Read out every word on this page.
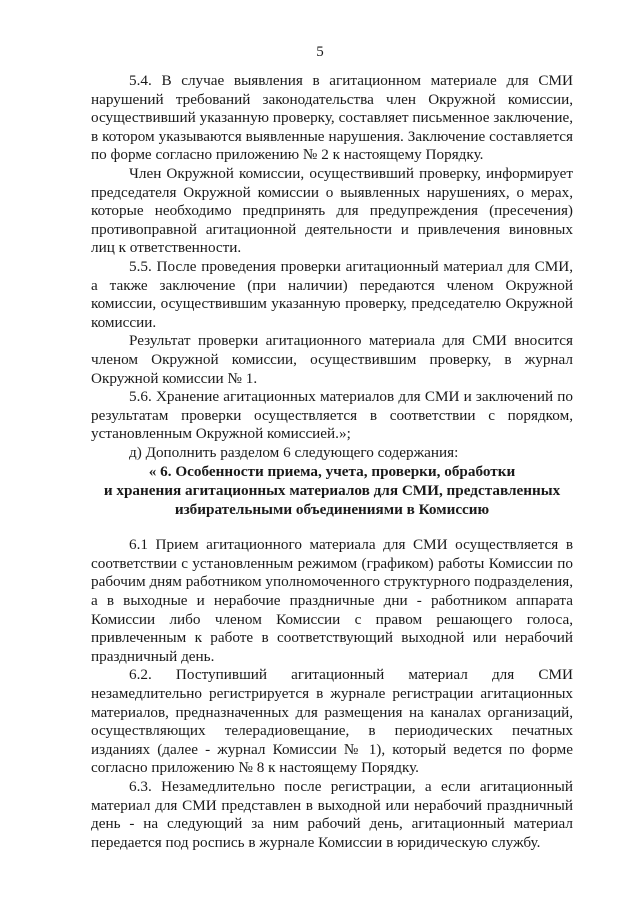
5

5.4. В случае выявления в агитационном материале для СМИ нарушений требований законодательства член Окружной комиссии, осуществивший указанную проверку, составляет письменное заключение, в котором указываются выявленные нарушения. Заключение составляется по форме согласно приложению № 2 к настоящему Порядку.

Член Окружной комиссии, осуществивший проверку, информирует председателя Окружной комиссии о выявленных нарушениях, о мерах, которые необходимо предпринять для предупреждения (пресечения) противоправной агитационной деятельности и привлечения виновных лиц к ответственности.

5.5. После проведения проверки агитационный материал для СМИ, а также заключение (при наличии) передаются членом Окружной комиссии, осуществившим указанную проверку, председателю Окружной комиссии.

Результат проверки агитационного материала для СМИ вносится членом Окружной комиссии, осуществившим проверку, в журнал Окружной комиссии № 1.

5.6. Хранение агитационных материалов для СМИ и заключений по результатам проверки осуществляется в соответствии с порядком, установленным Окружной комиссией.»;

д) Дополнить разделом 6 следующего содержания:

« 6. Особенности приема, учета, проверки, обработки
и хранения агитационных материалов для СМИ, представленных
избирательными объединениями в Комиссию

6.1 Прием агитационного материала для СМИ осуществляется в соответствии с установленным режимом (графиком) работы Комиссии по рабочим дням работником уполномоченного структурного подразделения, а в выходные и нерабочие праздничные дни - работником аппарата Комиссии либо членом Комиссии с правом решающего голоса, привлеченным к работе в соответствующий выходной или нерабочий праздничный день.

6.2. Поступивший агитационный материал для СМИ незамедлительно регистрируется в журнале регистрации агитационных материалов, предназначенных для размещения на каналах организаций, осуществляющих телерадиовещание, в периодических печатных изданиях (далее - журнал Комиссии № 1), который ведется по форме согласно приложению № 8 к настоящему Порядку.

6.3. Незамедлительно после регистрации, а если агитационный материал для СМИ представлен в выходной или нерабочий праздничный день - на следующий за ним рабочий день, агитационный материал передается под роспись в журнале Комиссии в юридическую службу.
